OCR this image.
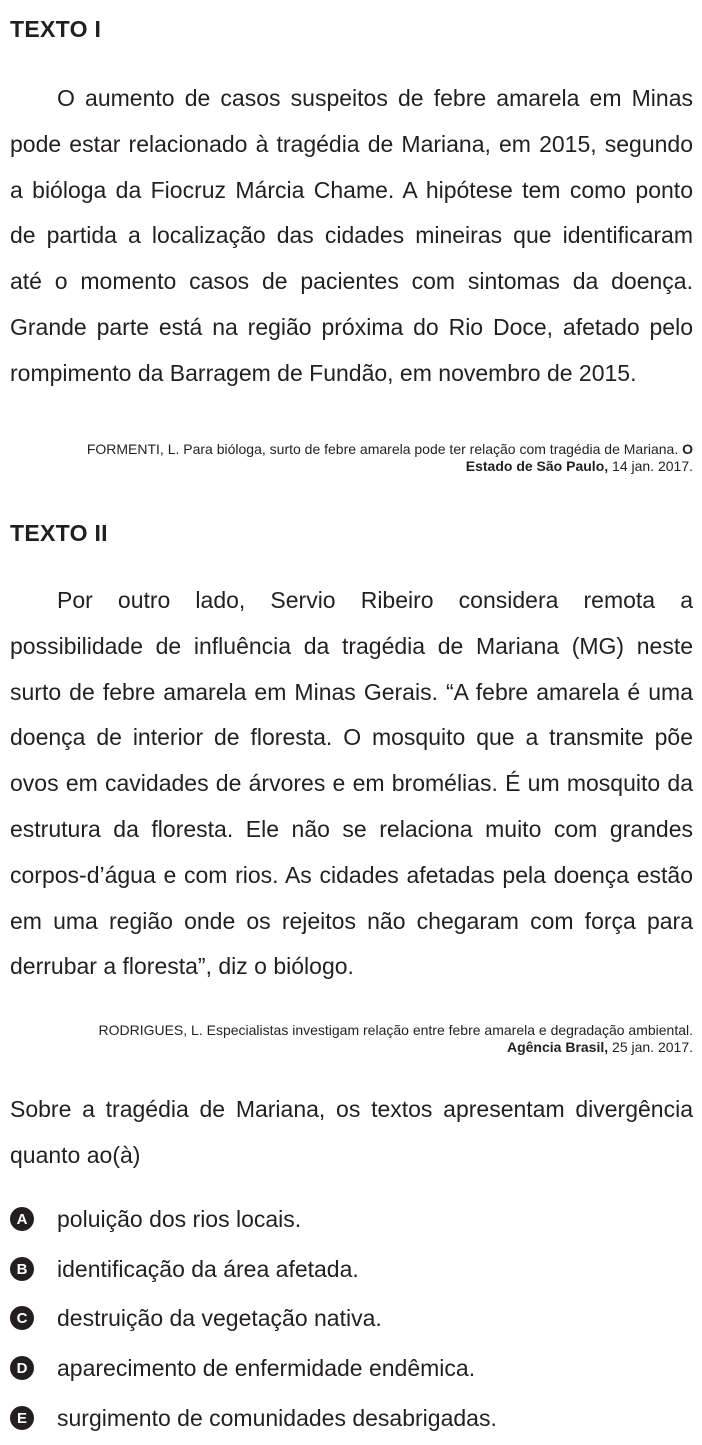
TEXTO I

O aumento de casos suspeitos de febre amarela em Minas pode estar relacionado à tragédia de Mariana, em 2015, segundo a bióloga da Fiocruz Márcia Chame. A hipótese tem como ponto de partida a localização das cidades mineiras que identificaram até o momento casos de pacientes com sintomas da doença. Grande parte está na região próxima do Rio Doce, afetado pelo rompimento da Barragem de Fundão, em novembro de 2015.

FORMENTI, L. Para bióloga, surto de febre amarela pode ter relação com tragédia de Mariana. O Estado de São Paulo, 14 jan. 2017.

TEXTO II

Por outro lado, Servio Ribeiro considera remota a possibilidade de influência da tragédia de Mariana (MG) neste surto de febre amarela em Minas Gerais. “A febre amarela é uma doença de interior de floresta. O mosquito que a transmite põe ovos em cavidades de árvores e em bromélias. É um mosquito da estrutura da floresta. Ele não se relaciona muito com grandes corpos-d’água e com rios. As cidades afetadas pela doença estão em uma região onde os rejeitos não chegaram com força para derrubar a floresta”, diz o biólogo.

RODRIGUES, L. Especialistas investigam relação entre febre amarela e degradação ambiental. Agência Brasil, 25 jan. 2017.

Sobre a tragédia de Mariana, os textos apresentam divergência quanto ao(à)

A poluição dos rios locais.
B identificação da área afetada.
C destruição da vegetação nativa.
D aparecimento de enfermidade endêmica.
E	surgimento de comunidades desabrigadas.
